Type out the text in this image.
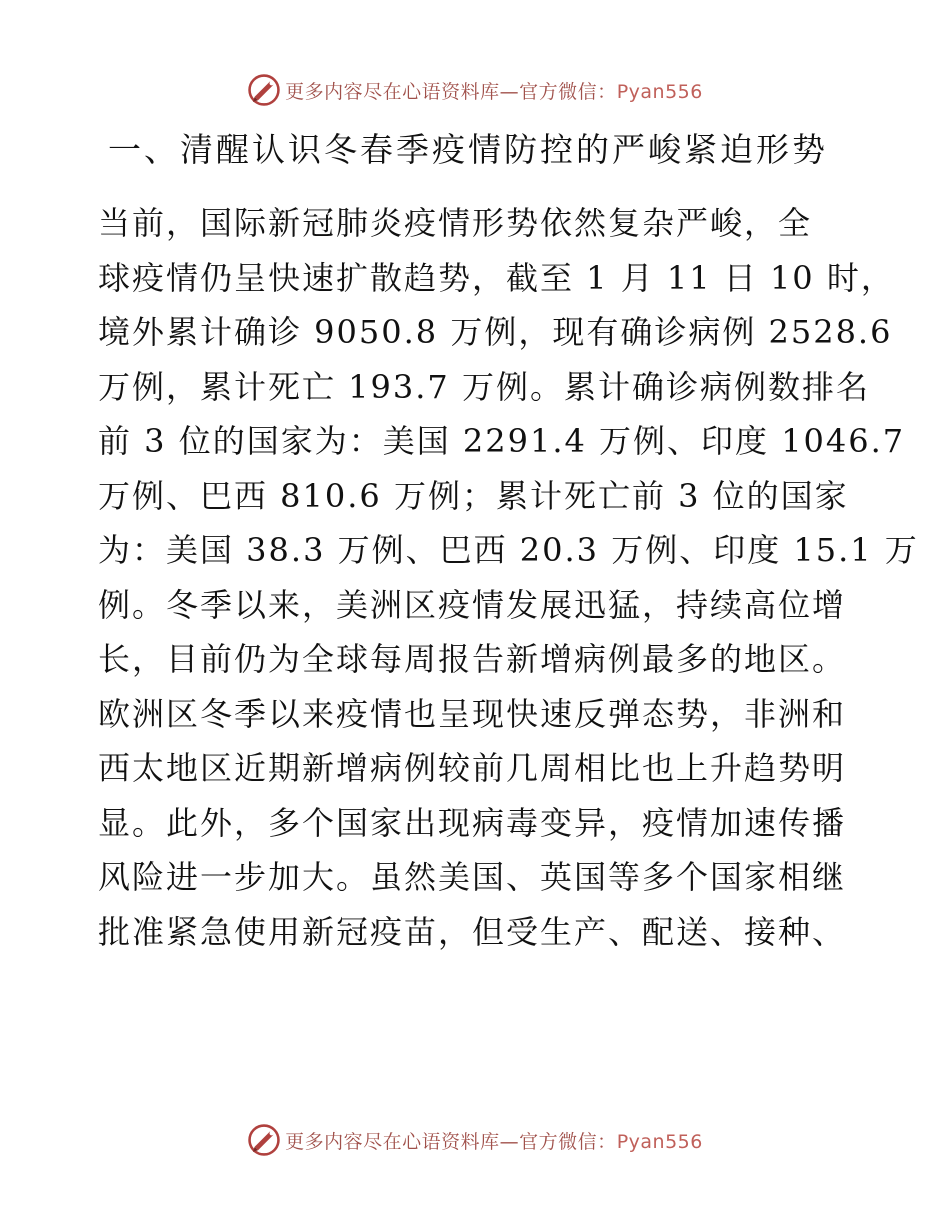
更多内容尽在心语资料库—官方微信：Pyan556
一、清醒认识冬春季疫情防控的严峻紧迫形势
当前，国际新冠肺炎疫情形势依然复杂严峻，全
球疫情仍呈快速扩散趋势，截至 1 月 11 日 10 时，
境外累计确诊 9050.8 万例，现有确诊病例 2528.6
万例，累计死亡 193.7 万例。累计确诊病例数排名
前 3 位的国家为：美国 2291.4 万例、印度 1046.7
万例、巴西 810.6 万例；累计死亡前 3 位的国家
为：美国 38.3 万例、巴西 20.3 万例、印度 15.1 万
例。冬季以来，美洲区疫情发展迅猛，持续高位增
长，目前仍为全球每周报告新增病例最多的地区。
欧洲区冬季以来疫情也呈现快速反弹态势，非洲和
西太地区近期新增病例较前几周相比也上升趋势明
显。此外，多个国家出现病毒变异，疫情加速传播
风险进一步加大。虽然美国、英国等多个国家相继
批准紧急使用新冠疫苗，但受生产、配送、接种、
更多内容尽在心语资料库—官方微信：Pyan556
